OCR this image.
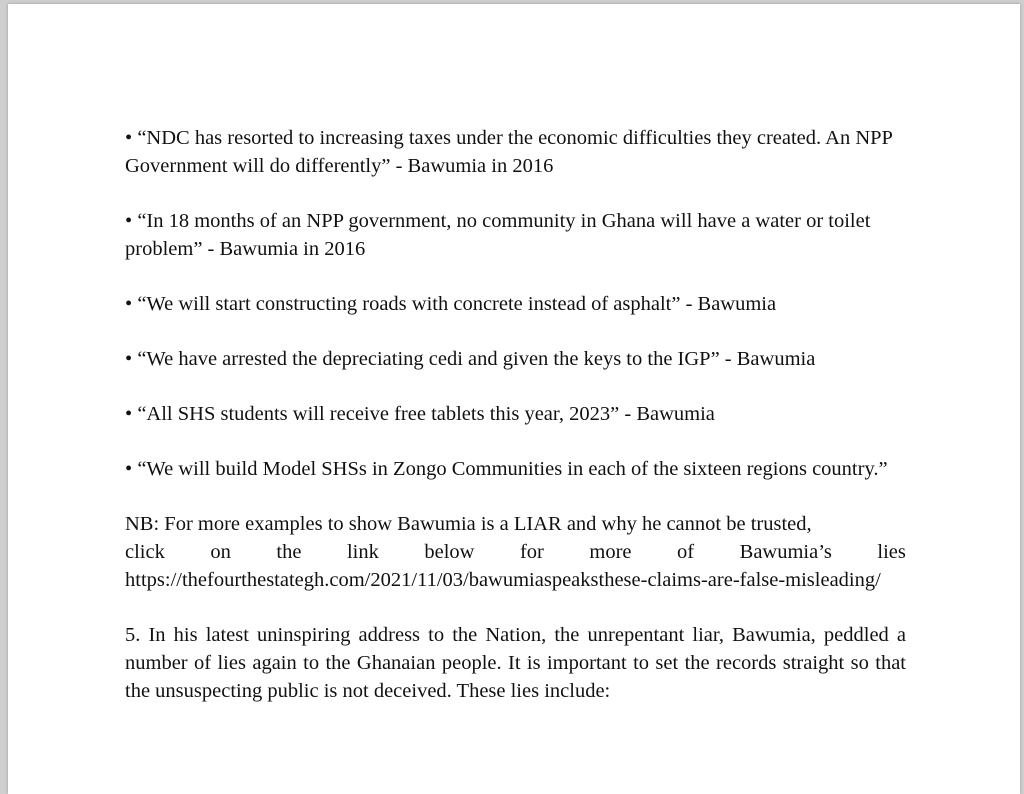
• “NDC has resorted to increasing taxes under the economic difficulties they created. An NPP Government will do differently” - Bawumia in 2016

• “In 18 months of an NPP government, no community in Ghana will have a water or toilet problem” - Bawumia in 2016

• “We will start constructing roads with concrete instead of asphalt” - Bawumia

• “We have arrested the depreciating cedi and given the keys to the IGP” - Bawumia

• “All SHS students will receive free tablets this year, 2023” - Bawumia

• “We will build Model SHSs in Zongo Communities in each of the sixteen regions country.”

NB: For more examples to show Bawumia is a LIAR and why he cannot be trusted,
click on the link below for more of Bawumia’s lies
https://thefourthestategh.com/2021/11/03/bawumiaspeaksthese-claims-are-false-misleading/

5. In his latest uninspiring address to the Nation, the unrepentant liar, Bawumia, peddled a number of lies again to the Ghanaian people. It is important to set the records straight so that the unsuspecting public is not deceived. These lies include:
